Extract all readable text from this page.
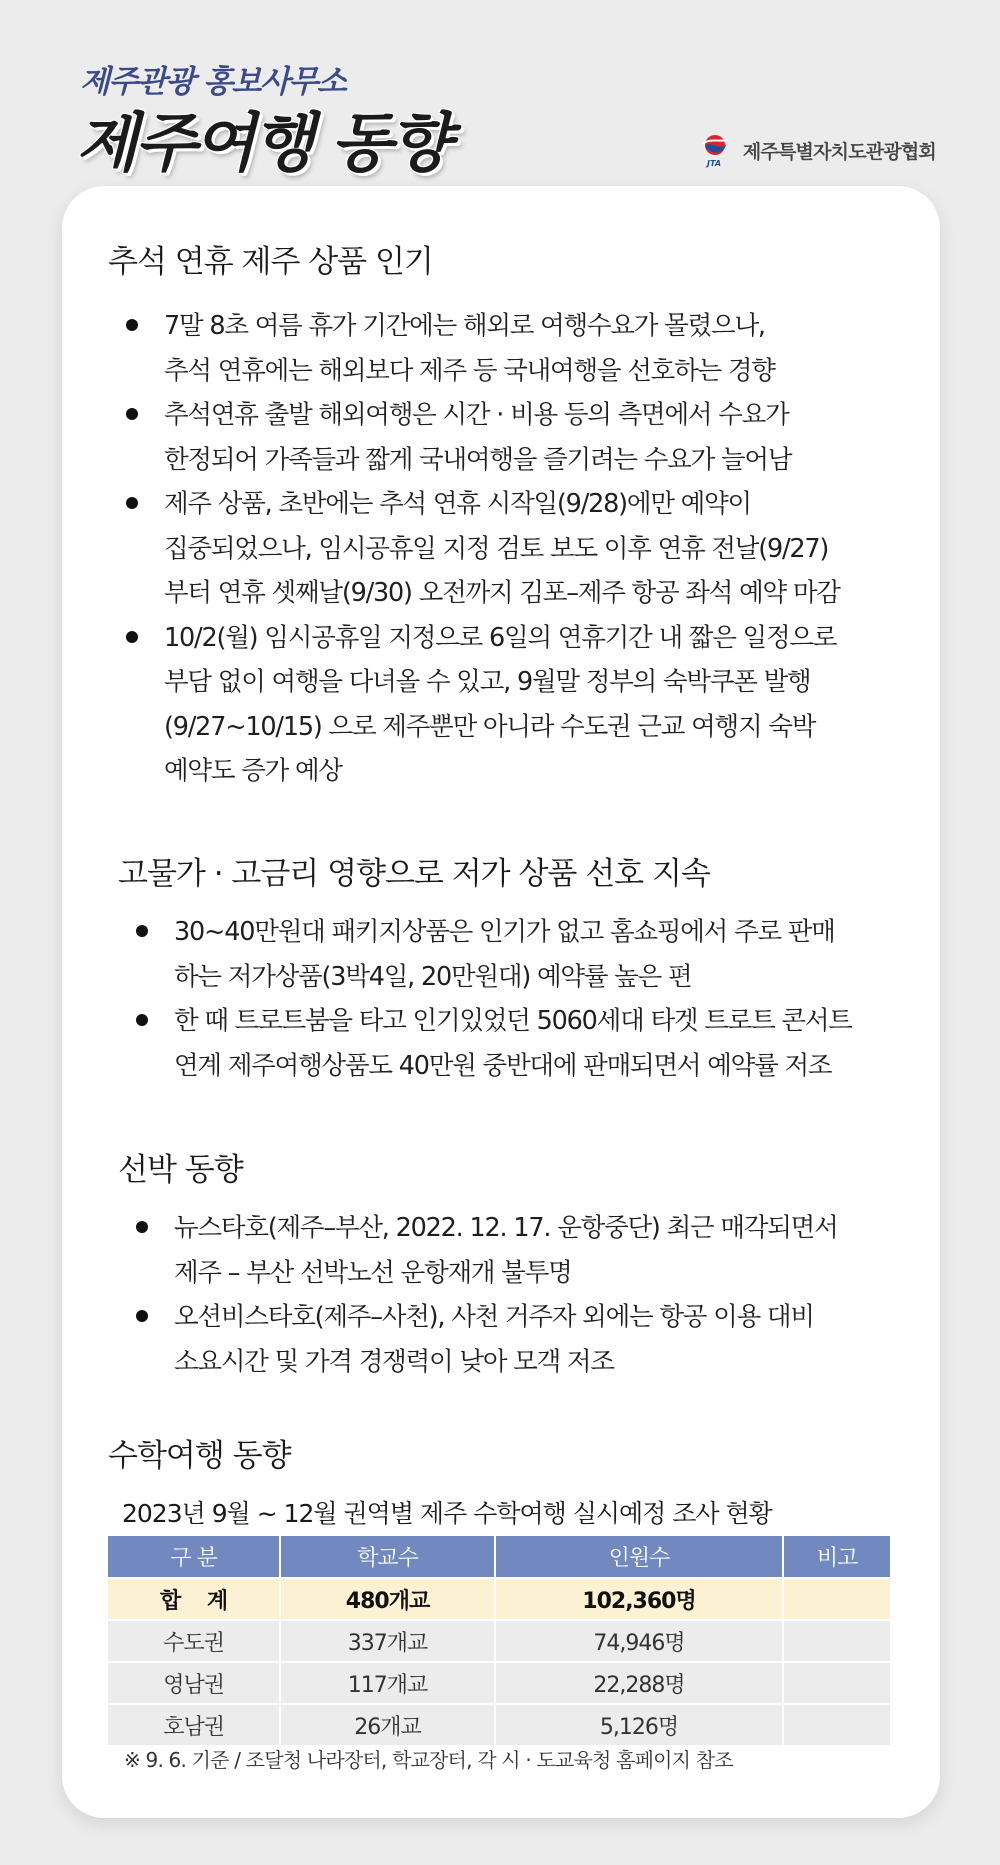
제주관광 홍보사무소
제주여행 동향	JTA
제주특별자치도관광협회
추석 연휴 제주 상품 인기
7말 8초 여름 휴가 기간에는 해외로 여행수요가 몰렸으나,
추석 연휴에는 해외보다 제주 등 국내여행을 선호하는 경향
추석연휴 출발 해외여행은 시간 · 비용 등의 측면에서 수요가
한정되어 가족들과 짧게 국내여행을 즐기려는 수요가 늘어남
제주 상품, 초반에는 추석 연휴 시작일(9/28)에만 예약이
집중되었으나, 임시공휴일 지정 검토 보도 이후 연휴 전날(9/27)
부터 연휴 셋째날(9/30) 오전까지 김포–제주 항공 좌석 예약 마감
10/2(월) 임시공휴일 지정으로 6일의 연휴기간 내 짧은 일정으로
부담 없이 여행을 다녀올 수 있고, 9월말 정부의 숙박쿠폰 발행
(9/27~10/15) 으로 제주뿐만 아니라 수도권 근교 여행지 숙박
예약도 증가 예상
고물가 · 고금리 영향으로 저가 상품 선호 지속
30~40만원대 패키지상품은 인기가 없고 홈쇼핑에서 주로 판매
하는 저가상품(3박4일, 20만원대) 예약률 높은 편
한 때 트로트붐을 타고 인기있었던 5060세대 타겟 트로트 콘서트
연계 제주여행상품도 40만원 중반대에 판매되면서 예약률 저조
선박 동향
뉴스타호(제주–부산, 2022. 12. 17. 운항중단) 최근 매각되면서
제주 – 부산 선박노선 운항재개 불투명
오션비스타호(제주–사천), 사천 거주자 외에는 항공 이용 대비
소요시간 및 가격 경쟁력이 낮아 모객 저조
수학여행 동향
2023년 9월 ~ 12월 권역별 제주 수학여행 실시예정 조사 현황
구 분	학교수	인원수	비고
합    계	480개교	102,360명	
수도권	337개교	74,946명	
영남권	117개교	22,288명	
호남권	26개교	5,126명	
※ 9. 6. 기준 / 조달청 나라장터, 학교장터, 각 시 · 도교육청 홈페이지 참조
